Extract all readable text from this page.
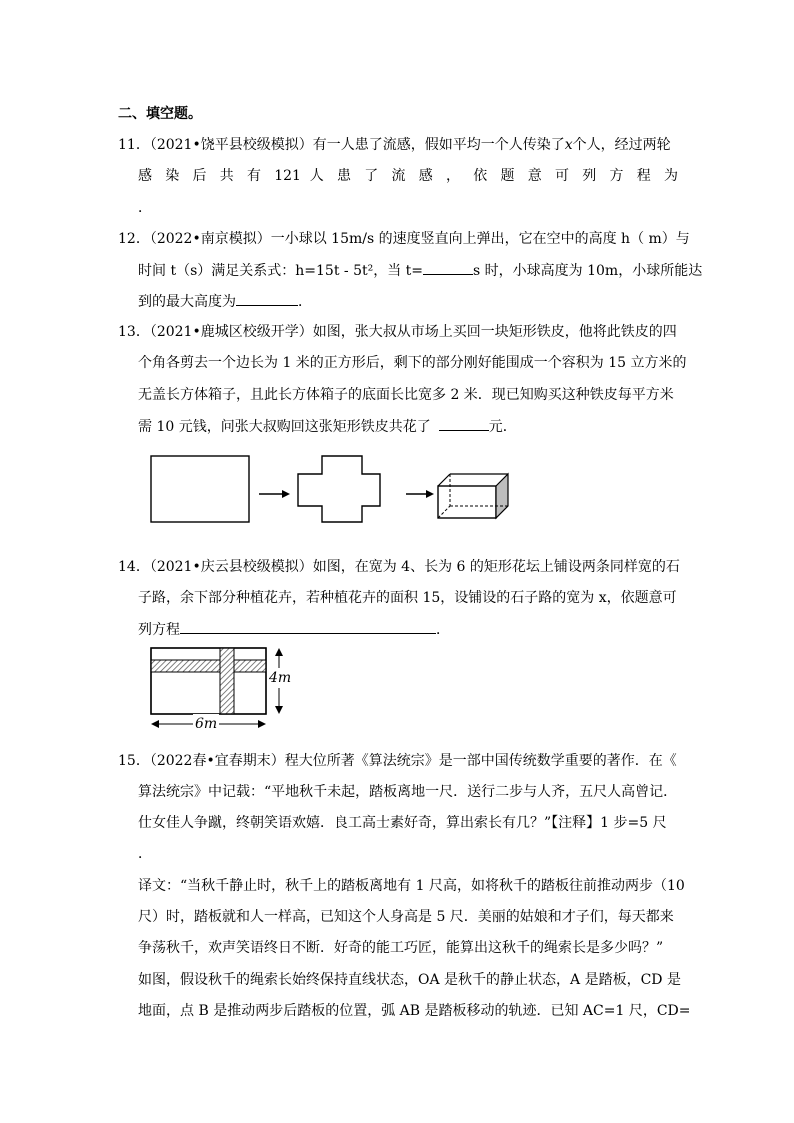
二、填空题。
11．（2021•饶平县校级模拟）有一人患了流感，假如平均一个人传染了x个人，经过两轮
感 染 后 共 有 121 人 患 了 流 感 ， 依 题 意 可 列 方 程 为
．
12．（2022•南京模拟）一小球以 15m/s 的速度竖直向上弹出，它在空中的高度 h（ m）与
时间 t（s）满足关系式：h=15t - 5t²，当 t=	s 时，小球高度为 10m，小球所能达
到的最大高度为	．
13．（2021•鹿城区校级开学）如图，张大叔从市场上买回一块矩形铁皮，他将此铁皮的四
个角各剪去一个边长为 1 米的正方形后，剩下的部分刚好能围成一个容积为 15 立方米的
无盖长方体箱子，且此长方体箱子的底面长比宽多 2 米．现已知购买这种铁皮每平方米
需 10 元钱，问张大叔购回这张矩形铁皮共花了	元．
14．（2021•庆云县校级模拟）如图，在宽为 4、长为 6 的矩形花坛上铺设两条同样宽的石
子路，余下部分种植花卉，若种植花卉的面积 15，设铺设的石子路的宽为 x，依题意可
列方程	．
4m
6m
15．（2022春•宜春期末）程大位所著《算法统宗》是一部中国传统数学重要的著作．在《
算法统宗》中记载：“平地秋千未起，踏板离地一尺．送行二步与人齐，五尺人高曾记．
仕女佳人争蹴，终朝笑语欢嬉．良工高士素好奇，算出索长有几？”【注释】1 步=5 尺
．
译文：“当秋千静止时，秋千上的踏板离地有 1 尺高，如将秋千的踏板往前推动两步（10
尺）时，踏板就和人一样高，已知这个人身高是 5 尺．美丽的姑娘和才子们，每天都来
争荡秋千，欢声笑语终日不断．好奇的能工巧匠，能算出这秋千的绳索长是多少吗？”
如图，假设秋千的绳索长始终保持直线状态，OA 是秋千的静止状态，A 是踏板，CD 是
地面，点 B 是推动两步后踏板的位置，弧 AB 是踏板移动的轨迹．已知 AC=1 尺，CD=
